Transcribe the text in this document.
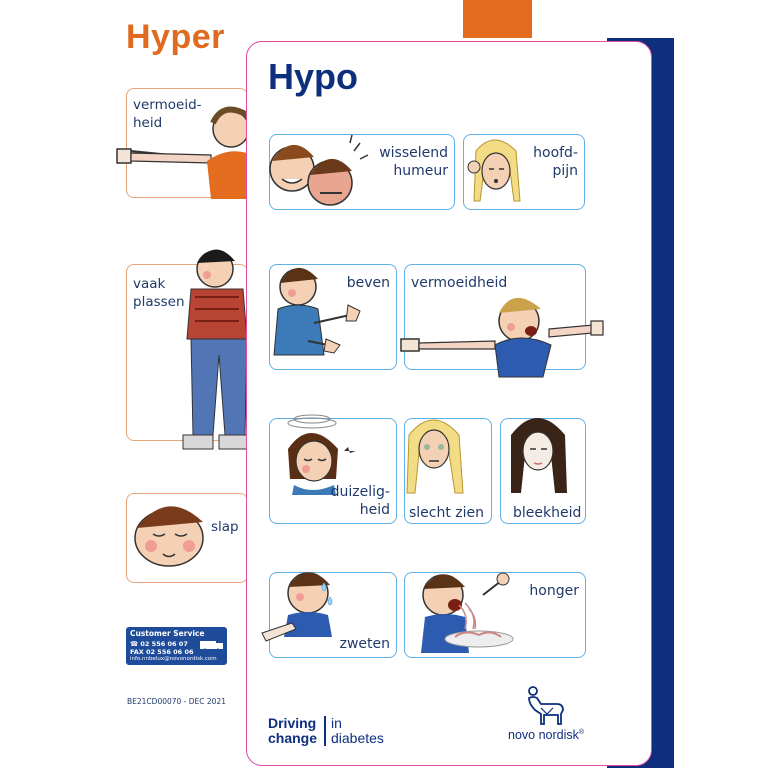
Hyper
vermoeid-
heid
vaak
plassen
slap
Customer Service
☎ 02 556 06 07
FAX 02 556 06 06
info.nnbelux@novonordisk.com
BE21CD00070 - DEC 2021
Hypo
wisselend
humeur
hoofd-
pijn
beven vermoeidheid
duizelig-
heid slecht zien bleekheid
zweten
honger
Driving
change
in
diabetes	novo nordisk®
